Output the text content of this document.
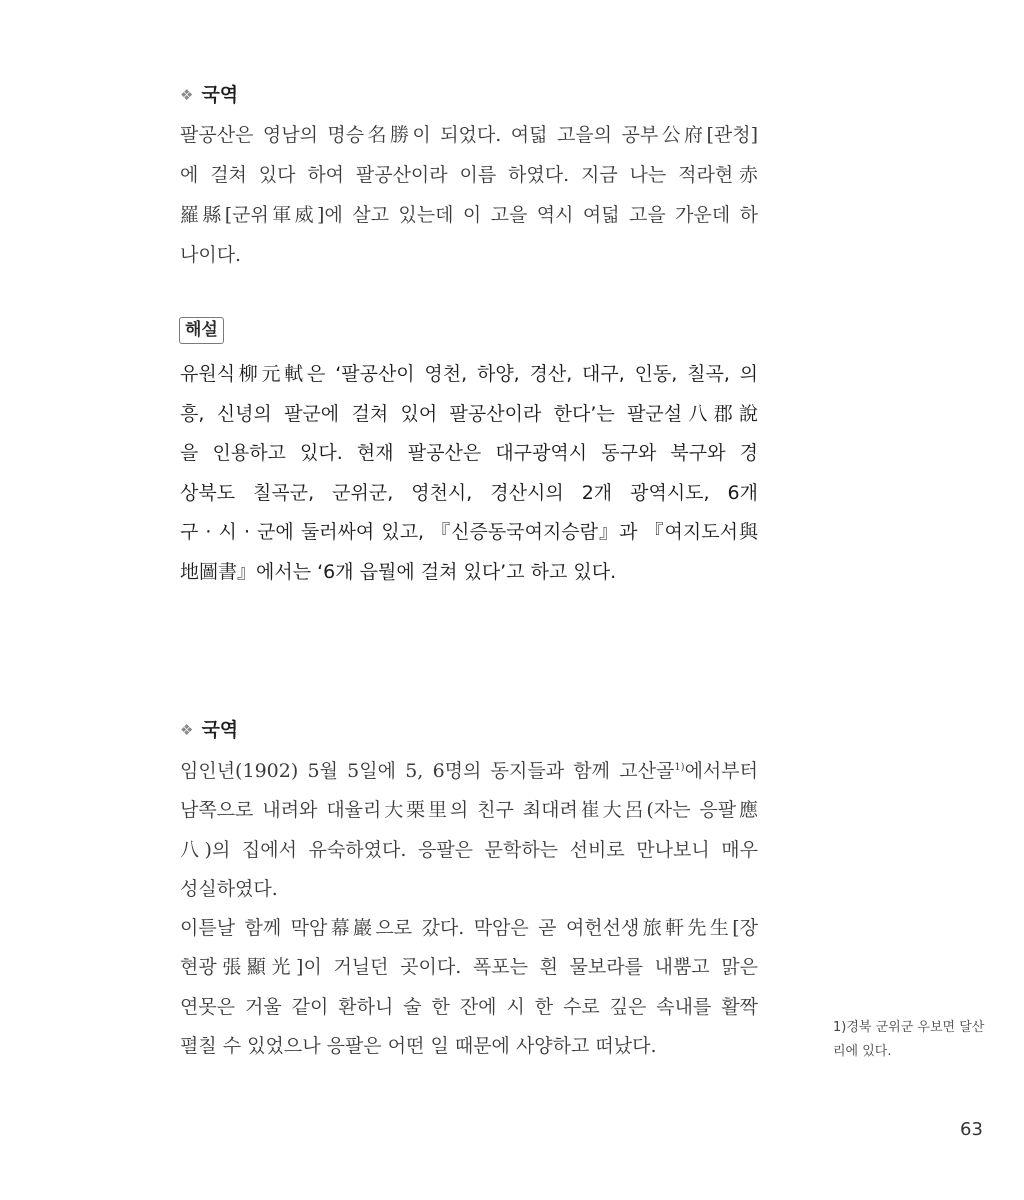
❖ 국역
팔공산은 영남의 명승名勝이 되었다. 여덟 고을의 공부公府[관청]
에 걸쳐 있다 하여 팔공산이라 이름 하였다. 지금 나는 적라현赤
羅縣[군위軍威]에 살고 있는데 이 고을 역시 여덟 고을 가운데 하
나이다.
해설
유원식柳元軾은 ‘팔공산이 영천, 하양, 경산, 대구, 인동, 칠곡, 의
흥, 신녕의 팔군에 걸쳐 있어 팔공산이라 한다’는 팔군설八郡說
을 인용하고 있다. 현재 팔공산은 대구광역시 동구와 북구와 경
상북도 칠곡군, 군위군, 영천시, 경산시의 2개 광역시도, 6개
구 · 시 · 군에 둘러싸여 있고, 『신증동국여지승람』과 『여지도서與
地圖書』에서는 ‘6개 읍뭘에 걸쳐 있다’고 하고 있다.
❖ 국역
임인년(1902) 5월 5일에 5, 6명의 동지들과 함께 고산골$^{1)}$에서부터
남쪽으로 내려와 대율리大栗里의 친구 최대려崔大呂(자는 응팔應
八)의 집에서 유숙하였다. 응팔은 문학하는 선비로 만나보니 매우
성실하였다.
이튿날 함께 막암幕巖으로 갔다. 막암은 곧 여헌선생旅軒先生[장
현광張顯光]이 거닐던 곳이다. 폭포는 흰 물보라를 내뿜고 맑은
연못은 거울 같이 환하니 술 한 잔에 시 한 수로 깊은 속내를 활짝
펼칠 수 있었으나 응팔은 어떤 일 때문에 사양하고 떠났다.
1)경북 군위군 우보면 달산
리에 있다.
63
